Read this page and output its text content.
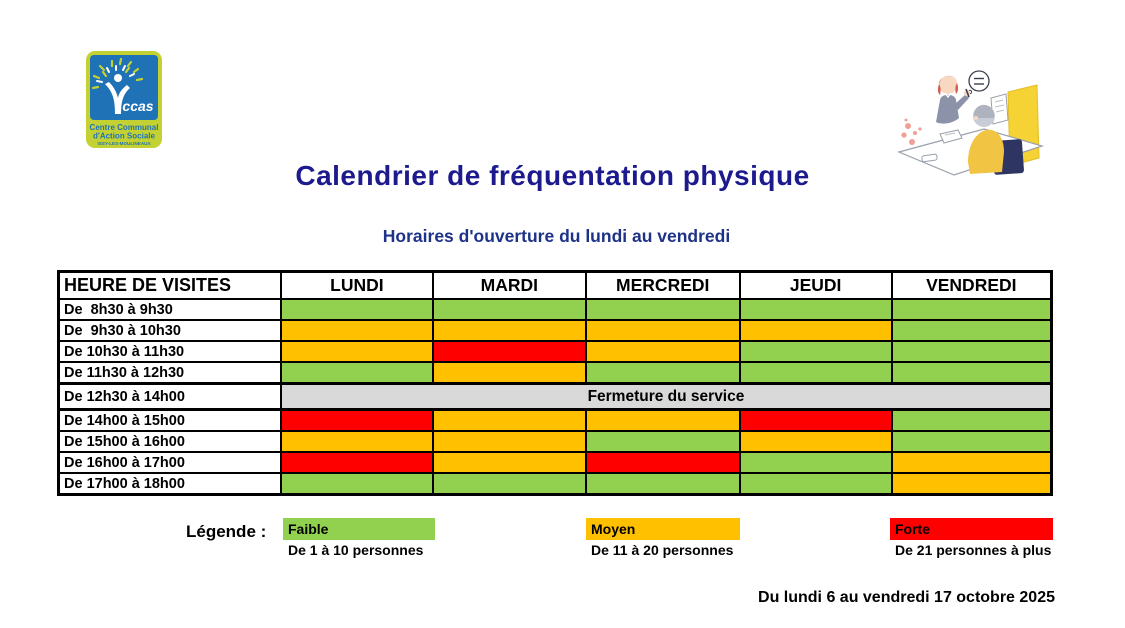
ccas
Centre Communal
d'Action Sociale
ISSY-LES-MOULINEAUX
Calendrier de fréquentation physique
Horaires d'ouverture du lundi au vendredi
HEURE DE VISITES	LUNDI	MARDI	MERCREDI	JEUDI	VENDREDI
De  8h30 à 9h30					
De  9h30 à 10h30					
De 10h30 à 11h30					
De 11h30 à 12h30					
De 12h30 à 14h00	Fermeture du service				
De 14h00 à 15h00					
De 15h00 à 16h00					
De 16h00 à 17h00					
De 17h00 à 18h00					
Légende :	Faible
De 1 à 10 personnes
Moyen
De 11 à 20 personnes
Forte
De 21 personnes à plus
Du lundi 6 au vendredi 17 octobre 2025
